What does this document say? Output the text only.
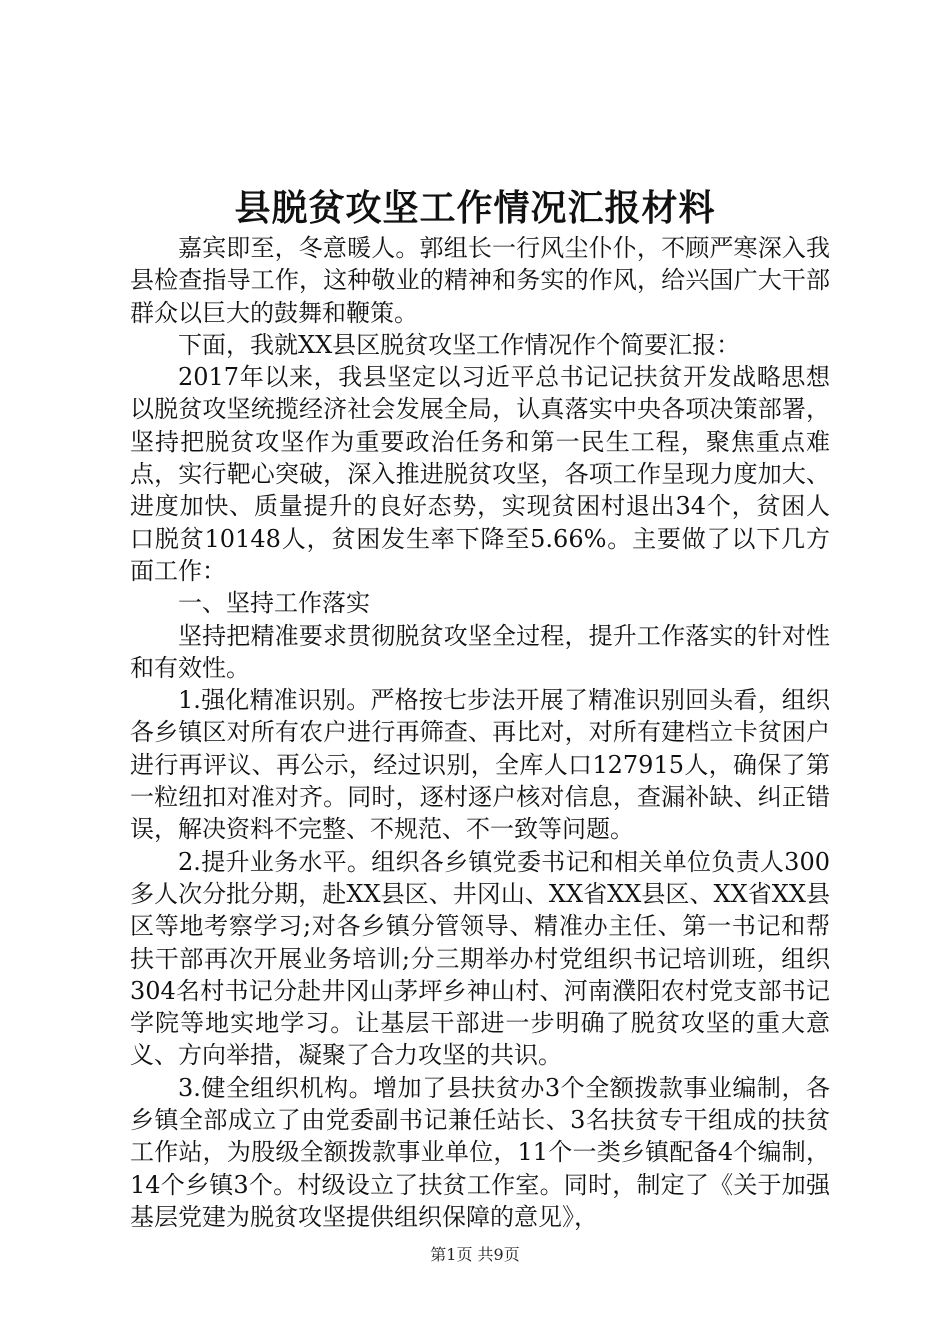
县脱贫攻坚工作情况汇报材料

嘉宾即至，冬意暖人。郭组长一行风尘仆仆，不顾严寒深入我县检查指导工作，这种敬业的精神和务实的作风，给兴国广大干部群众以巨大的鼓舞和鞭策。

下面，我就XX县区脱贫攻坚工作情况作个简要汇报：

2017年以来，我县坚定以习近平总书记记扶贫开发战略思想以脱贫攻坚统揽经济社会发展全局，认真落实中央各项决策部署，坚持把脱贫攻坚作为重要政治任务和第一民生工程，聚焦重点难点，实行靶心突破，深入推进脱贫攻坚，各项工作呈现力度加大、进度加快、质量提升的良好态势，实现贫困村退出34个，贫困人口脱贫10148人，贫困发生率下降至5.66%。主要做了以下几方面工作：

一、坚持工作落实

坚持把精准要求贯彻脱贫攻坚全过程，提升工作落实的针对性和有效性。

1.强化精准识别。严格按七步法开展了精准识别回头看，组织各乡镇区对所有农户进行再筛查、再比对，对所有建档立卡贫困户进行再评议、再公示，经过识别，全库人口127915人，确保了第一粒纽扣对准对齐。同时，逐村逐户核对信息，查漏补缺、纠正错误，解决资料不完整、不规范、不一致等问题。

2.提升业务水平。组织各乡镇党委书记和相关单位负责人300多人次分批分期，赴XX县区、井冈山、XX省XX县区、XX省XX县区等地考察学习;对各乡镇分管领导、精准办主任、第一书记和帮扶干部再次开展业务培训;分三期举办村党组织书记培训班，组织304名村书记分赴井冈山茅坪乡神山村、河南濮阳农村党支部书记学院等地实地学习。让基层干部进一步明确了脱贫攻坚的重大意义、方向举措，凝聚了合力攻坚的共识。

3.健全组织机构。增加了县扶贫办3个全额拨款事业编制，各乡镇全部成立了由党委副书记兼任站长、3名扶贫专干组成的扶贫工作站，为股级全额拨款事业单位，11个一类乡镇配备4个编制，14个乡镇3个。村级设立了扶贫工作室。同时，制定了《关于加强基层党建为脱贫攻坚提供组织保障的意见》，

第1页 共9页
